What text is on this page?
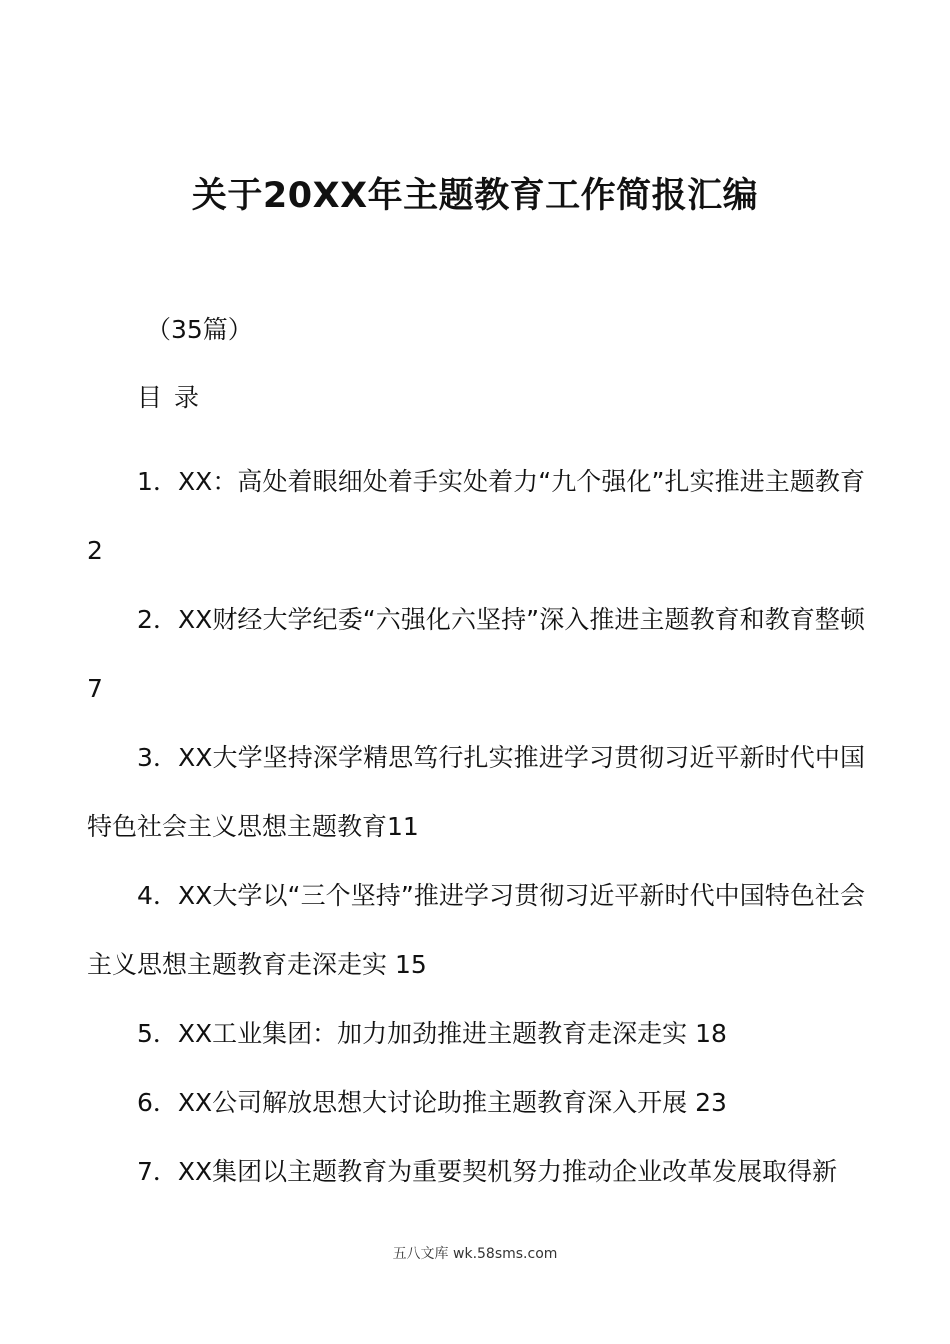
关于20XX年主题教育工作简报汇编
（35篇）
目 录
1．XX：高处着眼细处着手实处着力“九个强化”扎实推进主题教育 2
2．XX财经大学纪委“六强化六坚持”深入推进主题教育和教育整顿 7
3．XX大学坚持深学精思笃行扎实推进学习贯彻习近平新时代中国特色社会主义思想主题教育11
4．XX大学以“三个坚持”推进学习贯彻习近平新时代中国特色社会主义思想主题教育走深走实 15
5．XX工业集团：加力加劲推进主题教育走深走实 18
6．XX公司解放思想大讨论助推主题教育深入开展 23
7．XX集团以主题教育为重要契机努力推动企业改革发展取得新
五八文库 wk.58sms.com
